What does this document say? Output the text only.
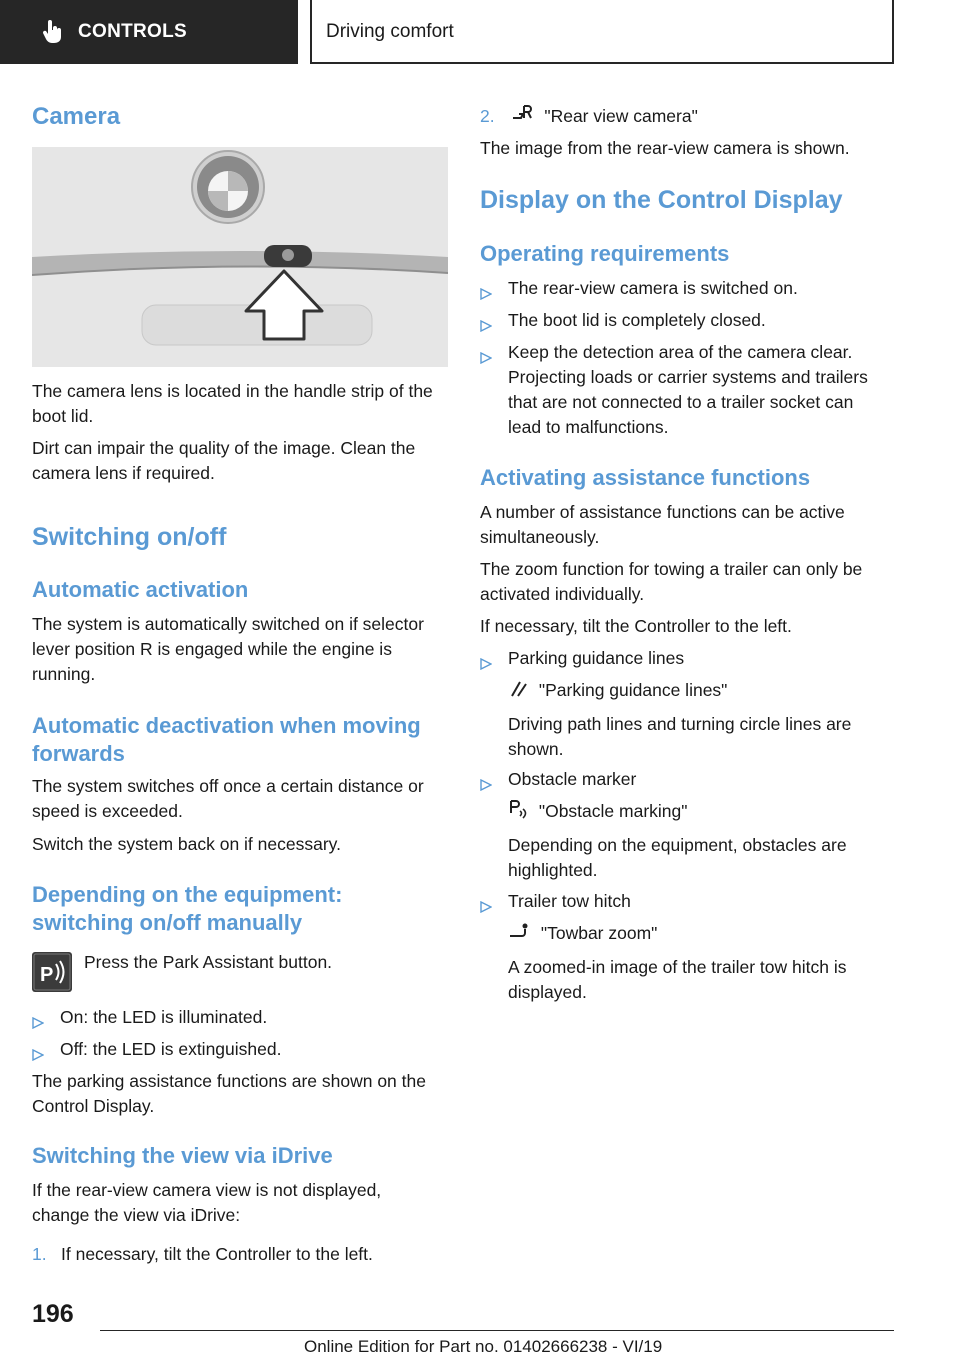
CONTROLS	Driving comfort
Camera

The camera lens is located in the handle strip of the boot lid.

Dirt can impair the quality of the image. Clean the camera lens if required.

Switching on/off
Automatic activation

The system is automatically switched on if selector lever position R is engaged while the engine is running.

Automatic deactivation when moving forwards

The system switches off once a certain distance or speed is exceeded.

Switch the system back on if necessary.

Depending on the equipment: switching on/off manually
P

Press the Park Assistant button.

On: the LED is illuminated.
Off: the LED is extinguished.

The parking assistance functions are shown on the Control Display.

Switching the view via iDrive

If the rear-view camera view is not displayed, change the view via iDrive:

1. If necessary, tilt the Controller to the left.
2.	"Rear view camera"

The image from the rear-view camera is shown.

Display on the Control Display
Operating requirements
The rear-view camera is switched on.
The boot lid is completely closed.
Keep the detection area of the camera clear. Projecting loads or carrier systems and trailers that are not connected to a trailer socket can lead to malfunctions.
Activating assistance functions

A number of assistance functions can be active simultaneously.

The zoom function for towing a trailer can only be activated individually.

If necessary, tilt the Controller to the left.

Parking guidance lines
"Parking guidance lines"

Driving path lines and turning circle lines are shown.

Obstacle marker
"Obstacle marking"

Depending on the equipment, obstacles are highlighted.

Trailer tow hitch
"Towbar zoom"

A zoomed-in image of the trailer tow hitch is displayed.

196
Online Edition for Part no. 01402666238 - VI/19
